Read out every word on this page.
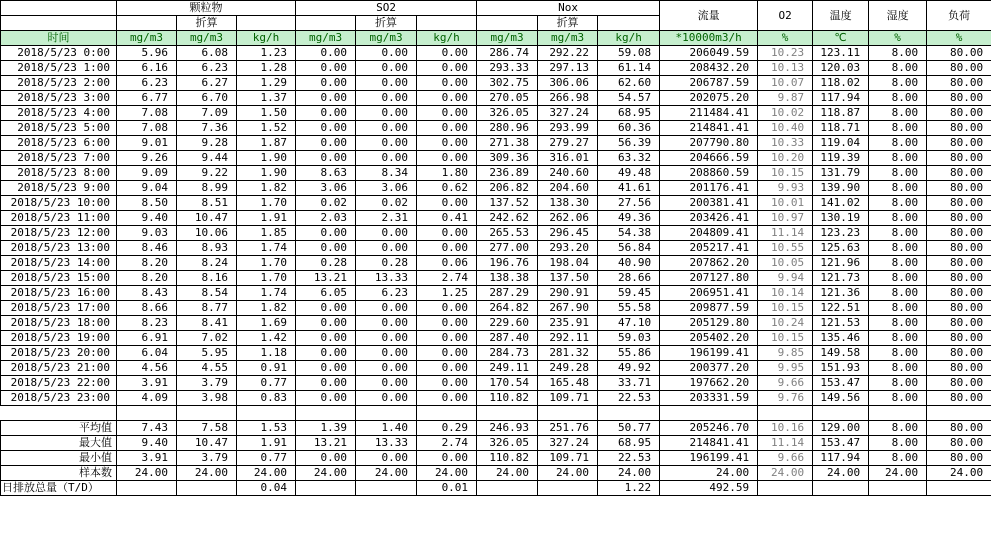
	颗粒物			SO2			Nox			流量	O2	温度	湿度	负荷
		折算			折算			折算						
时间	mg/m3	mg/m3	kg/h	mg/m3	mg/m3	kg/h	mg/m3	mg/m3	kg/h	*10000m3/h	%	℃	%	%
2018/5/23 0:00	5.96	6.08	1.23	0.00	0.00	0.00	286.74	292.22	59.08	206049.59	10.23	123.11	8.00	80.00
2018/5/23 1:00	6.16	6.23	1.28	0.00	0.00	0.00	293.33	297.13	61.14	208432.20	10.13	120.03	8.00	80.00
2018/5/23 2:00	6.23	6.27	1.29	0.00	0.00	0.00	302.75	306.06	62.60	206787.59	10.07	118.02	8.00	80.00
2018/5/23 3:00	6.77	6.70	1.37	0.00	0.00	0.00	270.05	266.98	54.57	202075.20	9.87	117.94	8.00	80.00
2018/5/23 4:00	7.08	7.09	1.50	0.00	0.00	0.00	326.05	327.24	68.95	211484.41	10.02	118.87	8.00	80.00
2018/5/23 5:00	7.08	7.36	1.52	0.00	0.00	0.00	280.96	293.99	60.36	214841.41	10.40	118.71	8.00	80.00
2018/5/23 6:00	9.01	9.28	1.87	0.00	0.00	0.00	271.38	279.27	56.39	207790.80	10.33	119.04	8.00	80.00
2018/5/23 7:00	9.26	9.44	1.90	0.00	0.00	0.00	309.36	316.01	63.32	204666.59	10.20	119.39	8.00	80.00
2018/5/23 8:00	9.09	9.22	1.90	8.63	8.34	1.80	236.89	240.60	49.48	208860.59	10.15	131.79	8.00	80.00
2018/5/23 9:00	9.04	8.99	1.82	3.06	3.06	0.62	206.82	204.60	41.61	201176.41	9.93	139.90	8.00	80.00
2018/5/23 10:00	8.50	8.51	1.70	0.02	0.02	0.00	137.52	138.30	27.56	200381.41	10.01	141.02	8.00	80.00
2018/5/23 11:00	9.40	10.47	1.91	2.03	2.31	0.41	242.62	262.06	49.36	203426.41	10.97	130.19	8.00	80.00
2018/5/23 12:00	9.03	10.06	1.85	0.00	0.00	0.00	265.53	296.45	54.38	204809.41	11.14	123.23	8.00	80.00
2018/5/23 13:00	8.46	8.93	1.74	0.00	0.00	0.00	277.00	293.20	56.84	205217.41	10.55	125.63	8.00	80.00
2018/5/23 14:00	8.20	8.24	1.70	0.28	0.28	0.06	196.76	198.04	40.90	207862.20	10.05	121.96	8.00	80.00
2018/5/23 15:00	8.20	8.16	1.70	13.21	13.33	2.74	138.38	137.50	28.66	207127.80	9.94	121.73	8.00	80.00
2018/5/23 16:00	8.43	8.54	1.74	6.05	6.23	1.25	287.29	290.91	59.45	206951.41	10.14	121.36	8.00	80.00
2018/5/23 17:00	8.66	8.77	1.82	0.00	0.00	0.00	264.82	267.90	55.58	209877.59	10.15	122.51	8.00	80.00
2018/5/23 18:00	8.23	8.41	1.69	0.00	0.00	0.00	229.60	235.91	47.10	205129.80	10.24	121.53	8.00	80.00
2018/5/23 19:00	6.91	7.02	1.42	0.00	0.00	0.00	287.40	292.11	59.03	205402.20	10.15	135.46	8.00	80.00
2018/5/23 20:00	6.04	5.95	1.18	0.00	0.00	0.00	284.73	281.32	55.86	196199.41	9.85	149.58	8.00	80.00
2018/5/23 21:00	4.56	4.55	0.91	0.00	0.00	0.00	249.11	249.28	49.92	200377.20	9.95	151.93	8.00	80.00
2018/5/23 22:00	3.91	3.79	0.77	0.00	0.00	0.00	170.54	165.48	33.71	197662.20	9.66	153.47	8.00	80.00
2018/5/23 23:00	4.09	3.98	0.83	0.00	0.00	0.00	110.82	109.71	22.53	203331.59	9.76	149.56	8.00	80.00

平均值	7.43	7.58	1.53	1.39	1.40	0.29	246.93	251.76	50.77	205246.70	10.16	129.00	8.00	80.00
最大值	9.40	10.47	1.91	13.21	13.33	2.74	326.05	327.24	68.95	214841.41	11.14	153.47	8.00	80.00
最小值	3.91	3.79	0.77	0.00	0.00	0.00	110.82	109.71	22.53	196199.41	9.66	117.94	8.00	80.00
样本数	24.00	24.00	24.00	24.00	24.00	24.00	24.00	24.00	24.00	24.00	24.00	24.00	24.00	24.00
日排放总量（T/D）			0.04			0.01			1.22	492.59				
